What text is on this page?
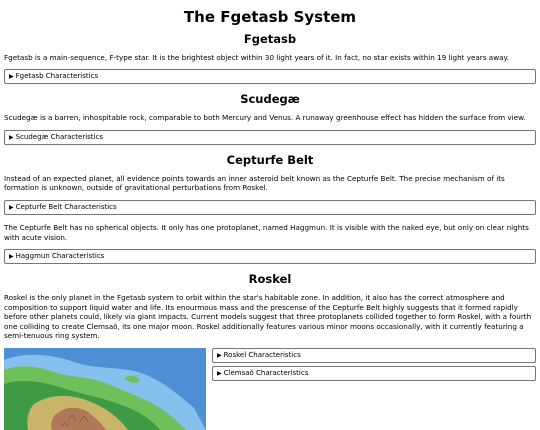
The Fgetasb System
Fgetasb

Fgetasb is a main-sequence, F-type star. It is the brightest object within 30 light years of it. In fact, no star exists within 19 light years away.

▶ Fgetasb Characteristics
Scudegæ

Scudegæ is a barren, inhospitable rock, comparable to both Mercury and Venus. A runaway greenhouse effect has hidden the surface from view.

▶ Scudegæ Characteristics
Cepturfe Belt

Instead of an expected planet, all evidence points towards an inner asteroid belt known as the Cepturfe Belt. The precise mechanism of its formation is unknown, outside of gravitational perturbations from Roskel.

▶ Cepturfe Belt Characteristics

The Cepturfe Belt has no spherical objects. It only has one protoplanet, named Haggmun. It is visible with the naked eye, but only on clear nights with acute vision.

▶ Haggmun Characteristics
Roskel

Roskel is the only planet in the Fgetasb system to orbit within the star's habitable zone. In addition, it also has the correct atmosphere and composition to support liquid water and life. Its enourmous mass and the prescense of the Cepturfe Belt highly suggests that it formed rapidly before other planets could, likely via giant impacts. Current models suggest that three protoplanets collided together to form Roskel, with a fourth one colliding to create Clemsaŏ, its one major moon. Roskel additionally features various minor moons occasionally, with it currently featuring a semi-tenuous ring system.

▶ Roskel Characteristics
▶ Clemsaŏ Characteristics
